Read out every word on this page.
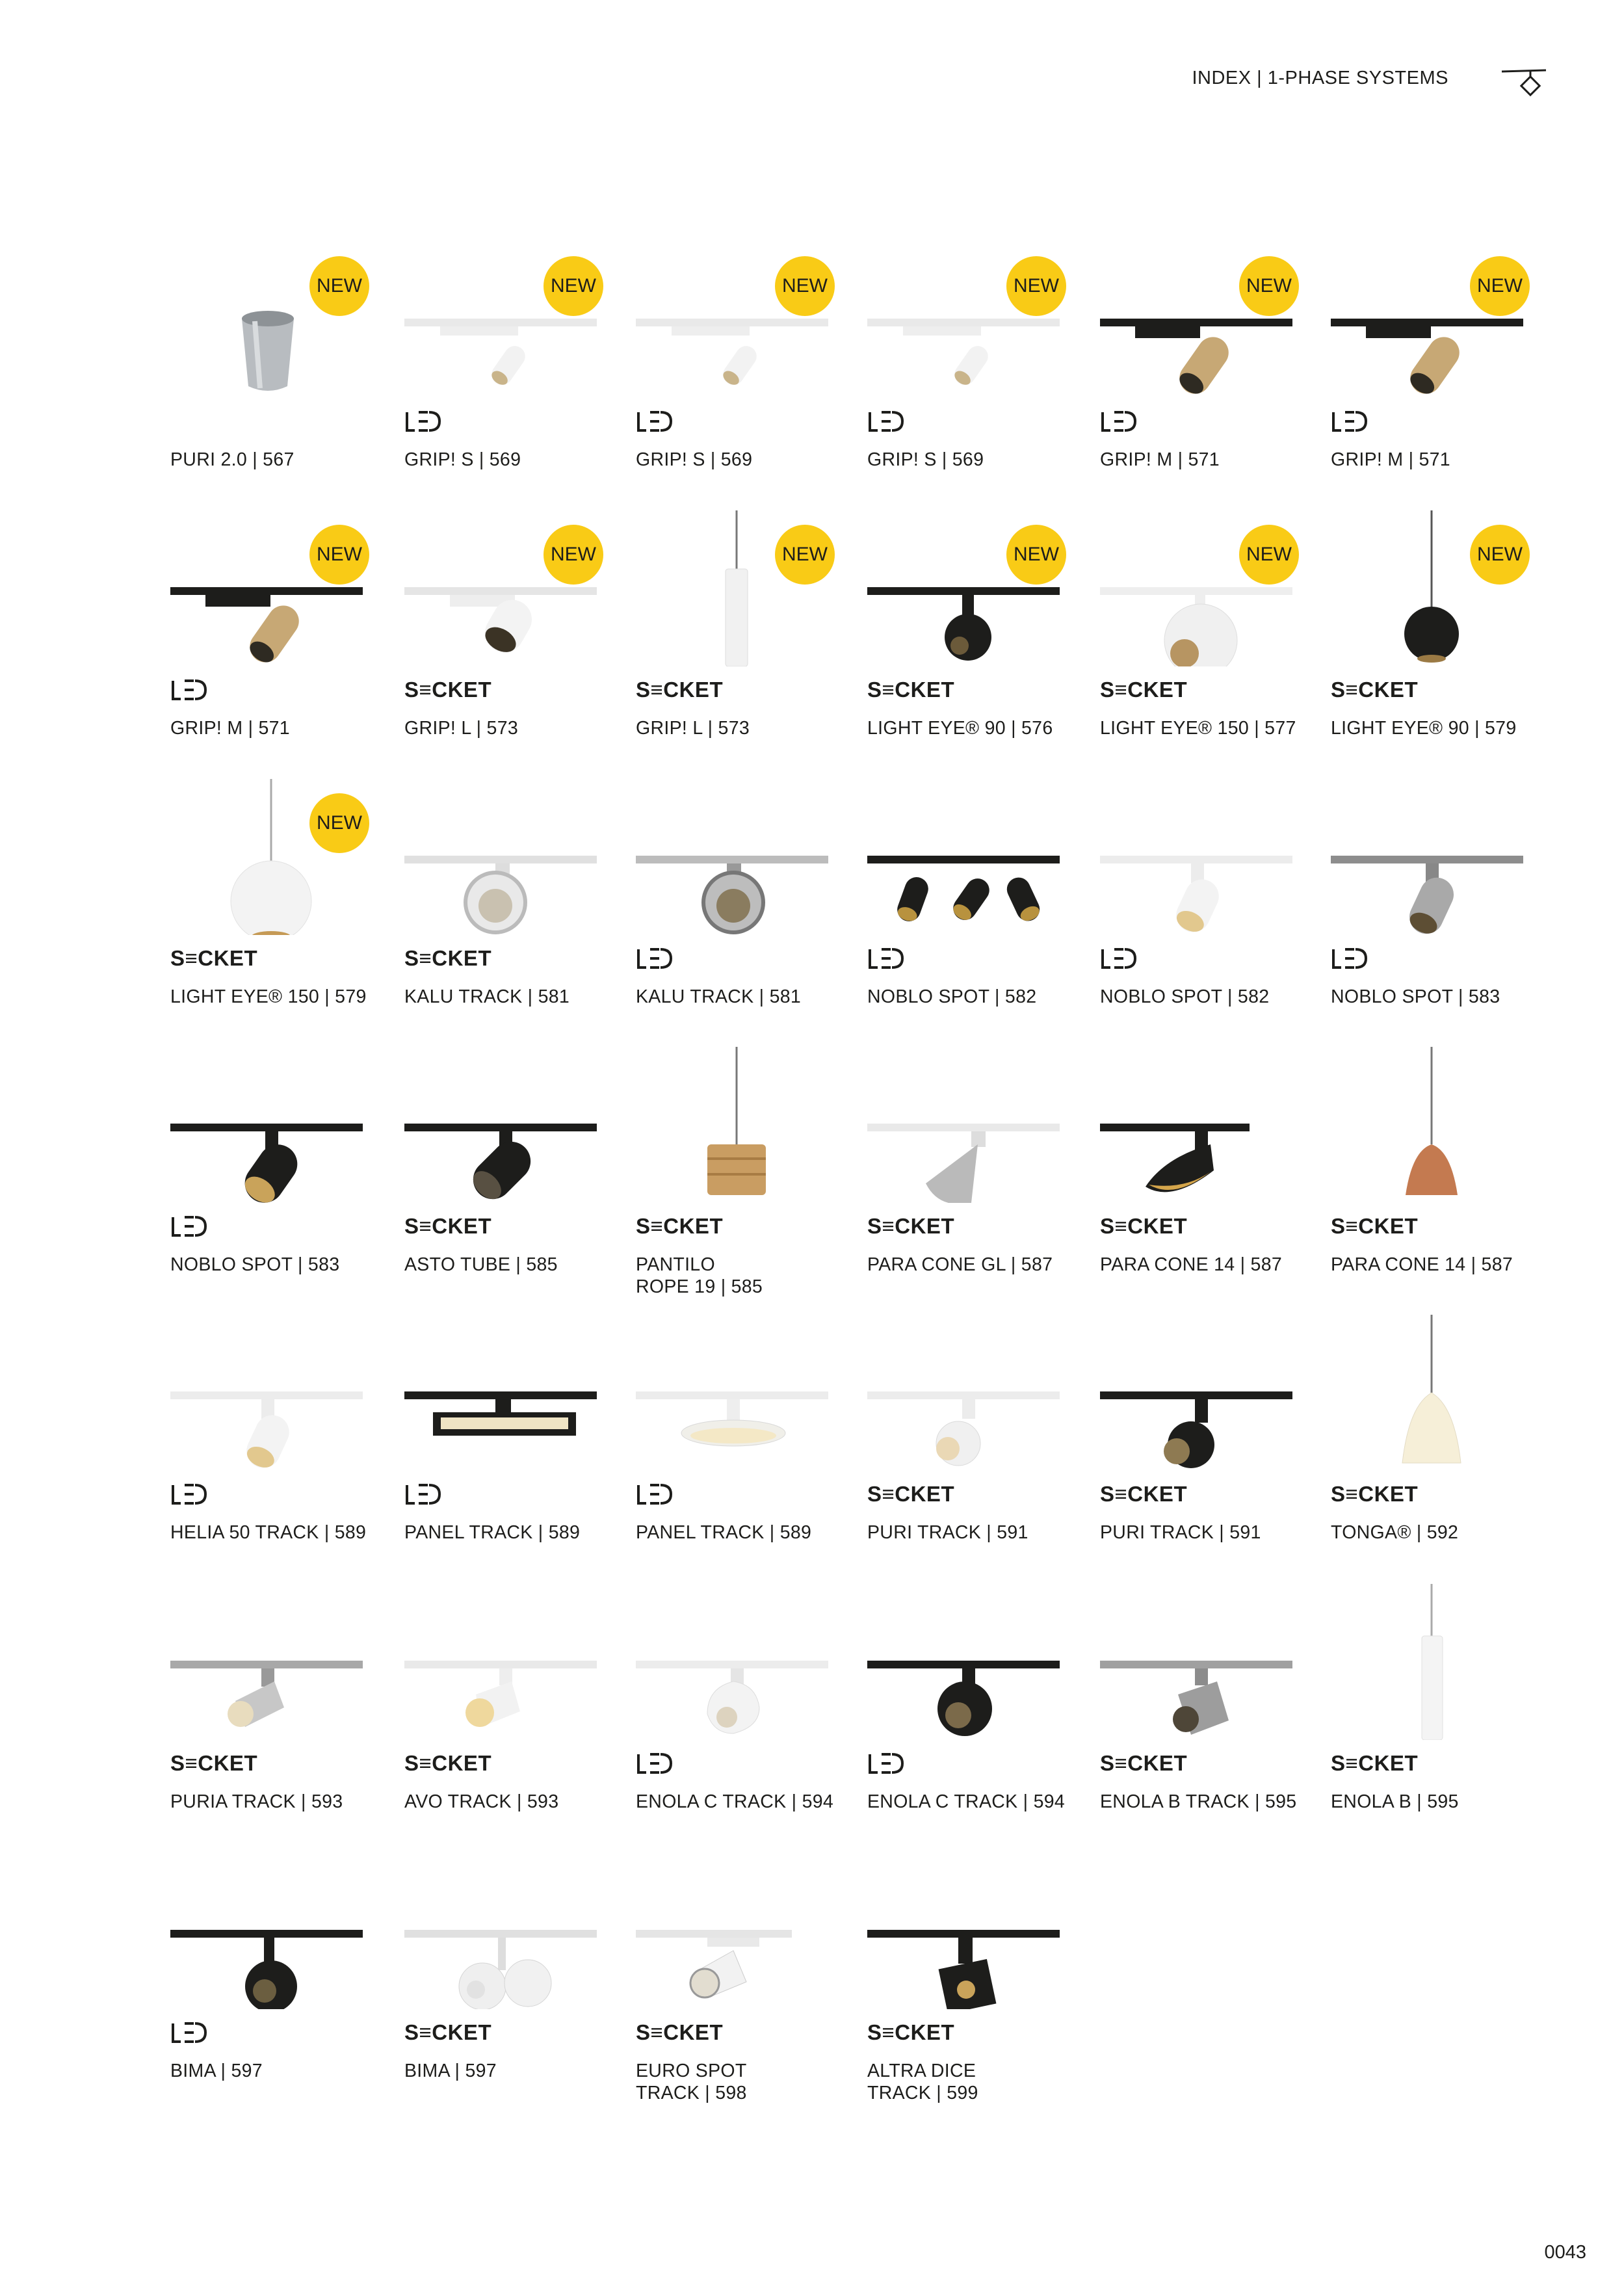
INDEX | 1-PHASE SYSTEMS
NEW
PURI 2.0 | 567
NEW
GRIP! S | 569
NEW
GRIP! S | 569
NEW
GRIP! S | 569
NEW
GRIP! M | 571
NEW
GRIP! M | 571
NEW
GRIP! M | 571
NEW
S≡CKET
GRIP! L | 573
NEW
S≡CKET
GRIP! L | 573
NEW
S≡CKET
LIGHT EYE® 90 | 576
NEW
S≡CKET
LIGHT EYE® 150 | 577
NEW
S≡CKET
LIGHT EYE® 90 | 579
NEW
S≡CKET
LIGHT EYE® 150 | 579
S≡CKET
KALU TRACK | 581	KALU TRACK | 581	NOBLO SPOT | 582	NOBLO SPOT | 582	NOBLO SPOT | 583
NOBLO SPOT | 583
S≡CKET
ASTO TUBE | 585
S≡CKET
PANTILO
ROPE 19 | 585
S≡CKET
PARA CONE GL | 587
S≡CKET
PARA CONE 14 | 587
S≡CKET
PARA CONE 14 | 587
HELIA 50 TRACK | 589	PANEL TRACK | 589	PANEL TRACK | 589
S≡CKET
PURI TRACK | 591
S≡CKET
PURI TRACK | 591
S≡CKET
TONGA® | 592
S≡CKET
PURIA TRACK | 593
S≡CKET
AVO TRACK | 593	ENOLA C TRACK | 594	ENOLA C TRACK | 594
S≡CKET
ENOLA B TRACK | 595
S≡CKET
ENOLA B | 595
BIMA | 597
S≡CKET
BIMA | 597
S≡CKET
EURO SPOT
TRACK | 598
S≡CKET
ALTRA DICE
TRACK | 599
0043
